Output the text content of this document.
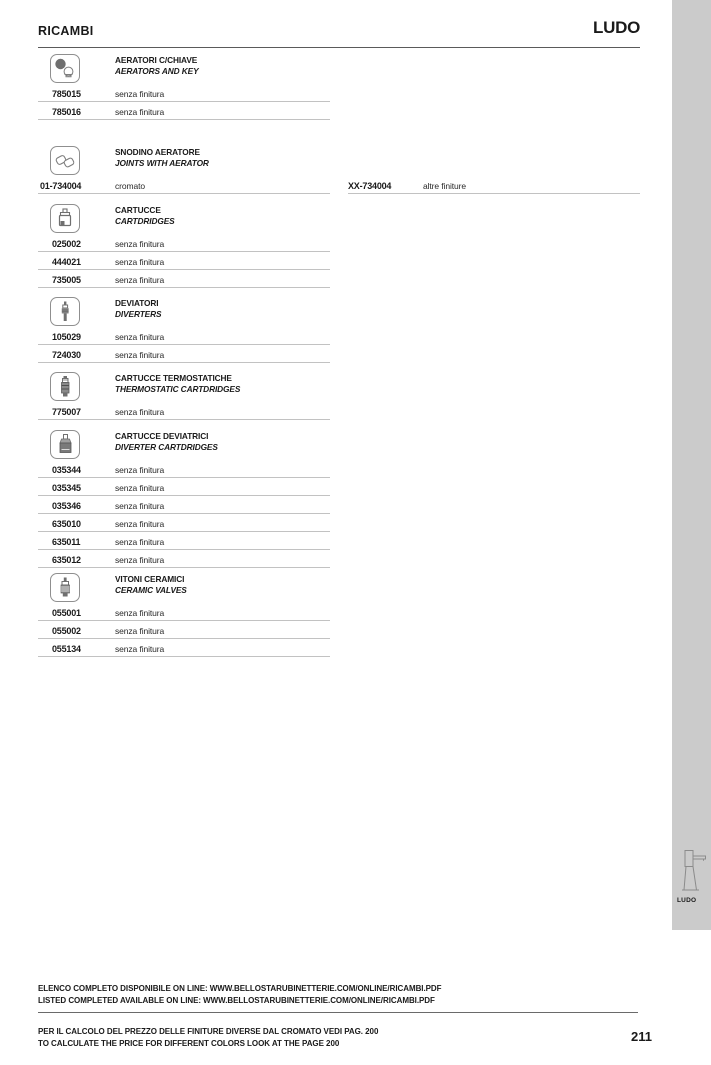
RICAMBI	LUDO
AERATORI C/CHIAVE
AERATORS AND KEY
785015	senza finitura
785016	senza finitura
SNODINO AERATORE
JOINTS WITH AERATOR
01-734004	cromato	XX-734004	altre finiture
CARTUCCE
CARTDRIDGES
025002	senza finitura
444021	senza finitura
735005	senza finitura
DEVIATORI
DIVERTERS
105029	senza finitura
724030	senza finitura
CARTUCCE TERMOSTATICHE
THERMOSTATIC CARTDRIDGES
775007	senza finitura
CARTUCCE DEVIATRICI
DIVERTER CARTDRIDGES
035344	senza finitura
035345	senza finitura
035346	senza finitura
635010	senza finitura
635011	senza finitura
635012	senza finitura
VITONI CERAMICI
CERAMIC VALVES
055001	senza finitura
055002	senza finitura
055134	senza finitura
LUDO
ELENCO COMPLETO DISPONIBILE ON LINE: WWW.BELLOSTARUBINETTERIE.COM/ONLINE/RICAMBI.PDF
LISTED COMPLETED AVAILABLE ON LINE: WWW.BELLOSTARUBINETTERIE.COM/ONLINE/RICAMBI.PDF
PER IL CALCOLO DEL PREZZO DELLE FINITURE DIVERSE DAL CROMATO VEDI PAG. 200
TO CALCULATE THE PRICE FOR DIFFERENT COLORS LOOK AT THE PAGE 200	211
